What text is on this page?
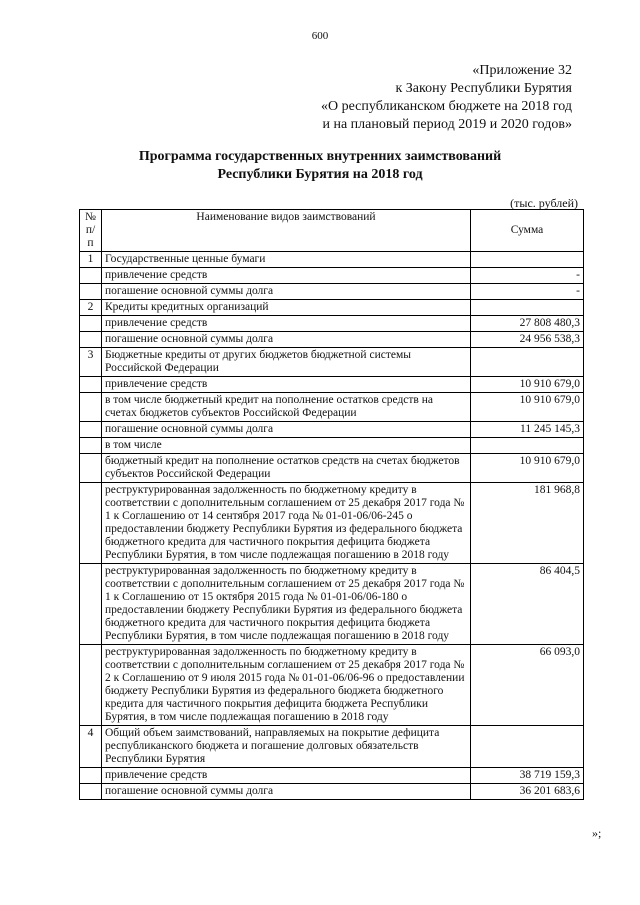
600
«Приложение 32
к Закону Республики Бурятия
«О республиканском бюджете на 2018 год
и на плановый период 2019 и 2020 годов»
Программа государственных внутренних заимствований
Республики Бурятия на 2018 год
(тыс. рублей)
№ п/п	Наименование видов заимствований	Сумма
1	Государственные ценные бумаги	
	привлечение средств	-
	погашение основной суммы долга	-
2	Кредиты кредитных организаций	
	привлечение средств	27 808 480,3
	погашение основной суммы долга	24 956 538,3
3	Бюджетные кредиты от других бюджетов бюджетной системы Российской Федерации	
	привлечение средств	10 910 679,0
	в том числе бюджетный кредит на пополнение остатков средств на счетах бюджетов субъектов Российской Федерации	10 910 679,0
	погашение основной суммы долга	11 245 145,3
	в том числе	
	бюджетный кредит на пополнение остатков средств на счетах бюджетов субъектов Российской Федерации	10 910 679,0
	реструктурированная задолженность по бюджетному кредиту в соответствии с дополнительным соглашением от 25 декабря 2017 года № 1 к Соглашению от 14 сентября 2017 года № 01-01-06/06-245 о предоставлении бюджету Республики Бурятия из федерального бюджета бюджетного кредита для частичного покрытия дефицита бюджета Республики Бурятия, в том числе подлежащая погашению в 2018 году	181 968,8
	реструктурированная задолженность по бюджетному кредиту в соответствии с дополнительным соглашением от 25 декабря 2017 года № 1 к Соглашению от 15 октября 2015 года № 01-01-06/06-180 о предоставлении бюджету Республики Бурятия из федерального бюджета бюджетного кредита для частичного покрытия дефицита бюджета Республики Бурятия, в том числе подлежащая погашению в 2018 году	86 404,5
	реструктурированная задолженность по бюджетному кредиту в соответствии с дополнительным соглашением от 25 декабря 2017 года № 2 к Соглашению от 9 июля 2015 года № 01-01-06/06-96 о предоставлении бюджету Республики Бурятия из федерального бюджета бюджетного кредита для частичного покрытия дефицита бюджета Республики Бурятия, в том числе подлежащая погашению в 2018 году	66 093,0
4	Общий объем заимствований, направляемых на покрытие дефицита республиканского бюджета и погашение долговых обязательств Республики Бурятия	
	привлечение средств	38 719 159,3
	погашение основной суммы долга	36 201 683,6
»;
